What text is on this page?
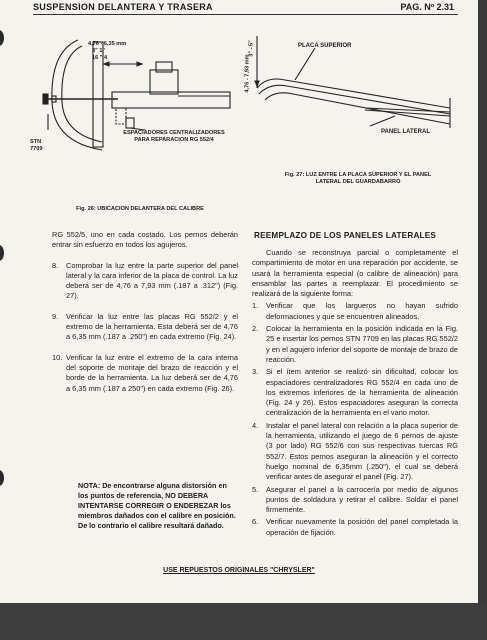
SUSPENSION DELANTERA Y TRASERA	PAG. Nº 2.31
4,76 - 6,35 mm
3" 1"
16 " 4
ESPACIADORES CENTRALIZADORES
PARA REPARACION RG 552/4
STN
7709
Fig. 26: UBICACION DELANTERA DEL CALIBRE
PLACA SUPERIOR
PANEL LATERAL
4,76 - 7,93 mm
3" - 5"
Fig. 27: LUZ ENTRE LA PLACA SUPERIOR Y EL PANEL
LATERAL DEL GUARDABARRO
REEMPLAZO DE LOS PANELES LATERALES
Cuando se reconstruya parcial o completamente el compartimiento de motor en una reparación por accidente, se usará la herramienta especial (o calibre de alineación) para ensamblar las partes a reemplazar. El procedimiento se realizará de la siguiente forma:
1.	Verificar que los largueros no hayan sufrido deformaciones y que se encuentren alineados.
2.	Colocar la herramienta en la posición indicada en la Fig. 25 e insertar los pernos STN 7709 en las placas RG 552/2 y en el agujero inferior del soporte de montaje de brazo de reacción.
3.	Si el ítem anterior se realizó sin dificultad, colocar los espaciadores centralizadores RG 552/4 en cada uno de los extremos inferiores de la herramienta de alineación (Fig. 24 y 26). Estos espaciadores aseguran la correcta centralización de la herramienta en el vano motor.
4.	Instalar el panel lateral con relación a la placa superior de la herramienta, utilizando el juego de 6 pernos de ajuste (3 por lado) RG 552/6 con sus respectivas tuercas RG 552/7. Estos pernos aseguran la alineación y el correcto huelgo nominal de 6,35mm (.250"), el cual se deberá verificar antes de asegurar el panel (Fig. 27).
5.	Asegurar el panel a la carrocería por medio de algunos puntos de soldadura y retirar el calibre. Soldar el panel firmemente.
6.	Verificar nuevamente la posición del panel completada la operación de fijación.
RG 552/5, uno en cada costado. Los pernos deberán entrar sin esfuerzo en todos los agujeros.
8.	Comprobar la luz entre la parte superior del panel lateral y la cara inferior de la placa de control. La luz deberá ser de 4,76 a 7,93 mm (.187 a .312") (Fig. 27).
9.	Verificar la luz entre las placas RG 552/2 y el extremo de la herramienta. Esta deberá ser de 4,76 a 6,35 mm (.187 a .250") en cada extremo (Fig. 24).
10. Verificar la luz entre el extremo de la cara interna del soporte de montaje del brazo de reacción y el borde de la herramienta. La luz deberá ser de 4,76 a 6,35 mm (.187 a 250") en cada extremo (Fig. 26).
NOTA: De encontrarse alguna distorsión en los puntos de referencia, NO DEBERA INTENTARSE CORREGIR O ENDEREZAR los miembros dañados con el calibre en posición. De lo contrario el calibre resultará dañado.
USE REPUESTOS ORIGINALES "CHRYSLER"
